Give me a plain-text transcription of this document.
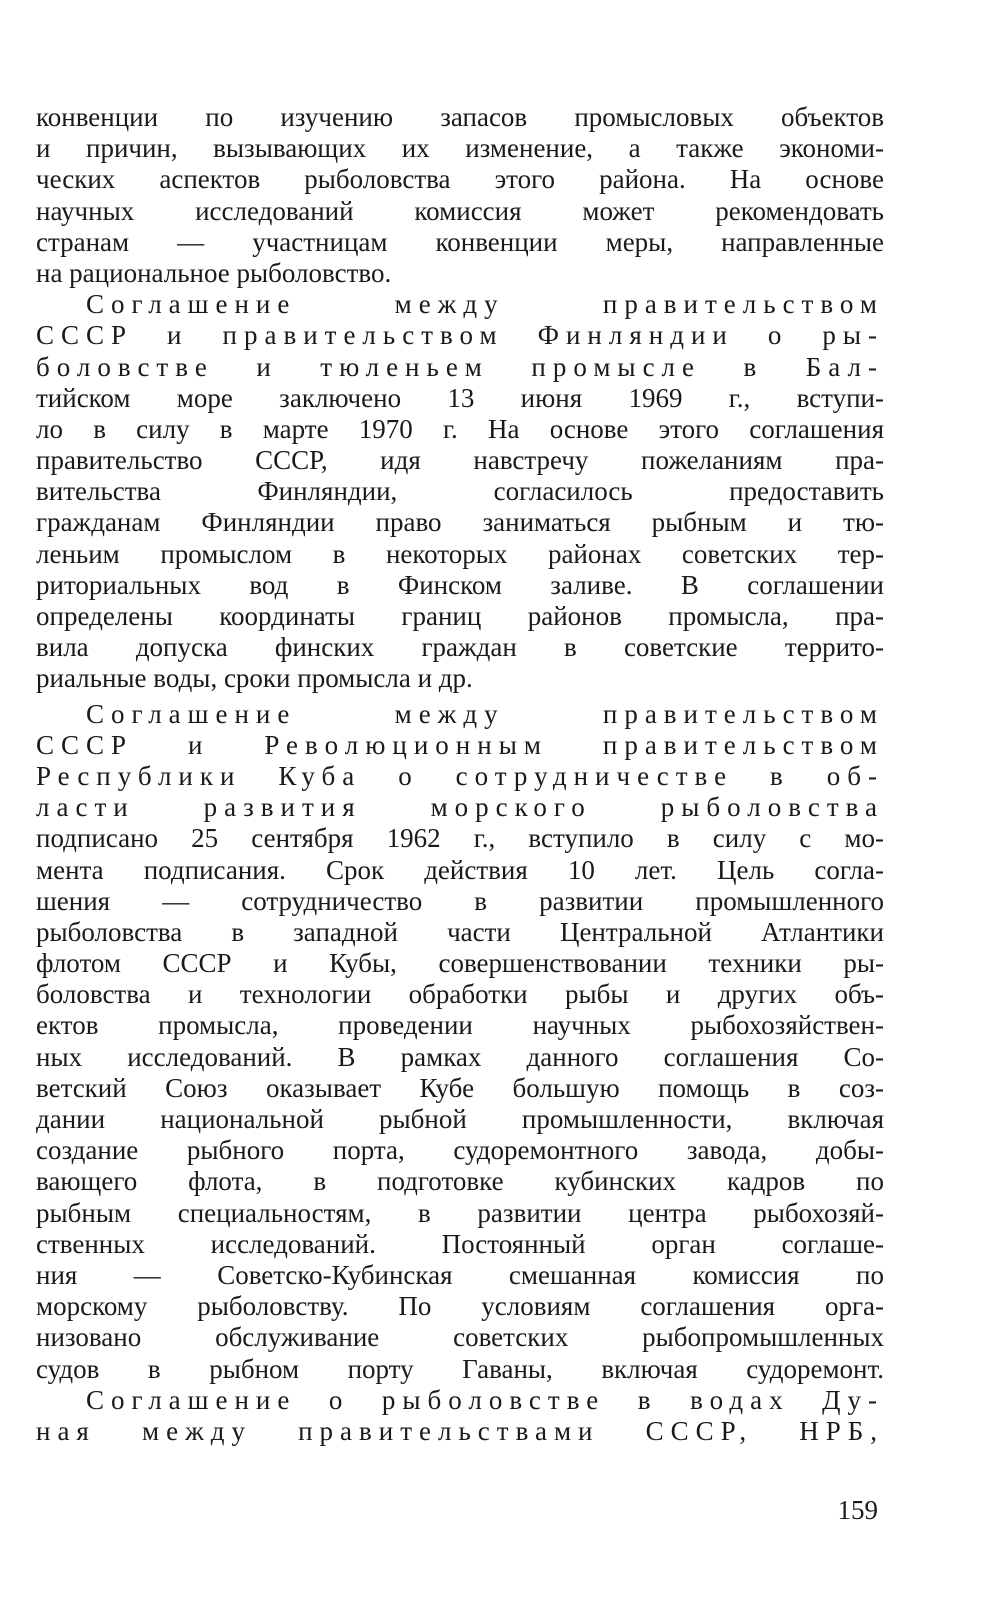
конвенции по изучению запасов промысловых объектов
и причин, вызывающих их изменение, а также экономи-
ческих аспектов рыболовства этого района. На основе
научных исследований комиссия может рекомендовать
странам — участницам конвенции меры, направленные
на рациональное рыболовство.
Соглашение между правительством
СССР и правительством Финляндии о ры-
боловстве и тюленьем промысле в Бал-
тийском море заключено 13 июня 1969 г., вступи-
ло в силу в марте 1970 г. На основе этого соглашения
правительство СССР, идя навстречу пожеланиям пра-
вительства Финляндии, согласилось предоставить
гражданам Финляндии право заниматься рыбным и тю-
леньим промыслом в некоторых районах советских тер-
риториальных вод в Финском заливе. В соглашении
определены координаты границ районов промысла, пра-
вила допуска финских граждан в советские террито-
риальные воды, сроки промысла и др.
Соглашение между правительством
СССР и Революционным правительством
Республики Куба о сотрудничестве в об-
ласти развития морского рыболовства
подписано 25 сентября 1962 г., вступило в силу с мо-
мента подписания. Срок действия 10 лет. Цель согла-
шения — сотрудничество в развитии промышленного
рыболовства в западной части Центральной Атлантики
флотом СССР и Кубы, совершенствовании техники ры-
боловства и технологии обработки рыбы и других объ-
ектов промысла, проведении научных рыбохозяйствен-
ных исследований. В рамках данного соглашения Со-
ветский Союз оказывает Кубе большую помощь в соз-
дании национальной рыбной промышленности, включая
создание рыбного порта, судоремонтного завода, добы-
вающего флота, в подготовке кубинских кадров по
рыбным специальностям, в развитии центра рыбохозяй-
ственных исследований. Постоянный орган соглаше-
ния — Советско-Кубинская смешанная комиссия по
морскому рыболовству. По условиям соглашения орга-
низовано обслуживание советских рыбопромышленных
судов в рыбном порту Гаваны, включая судоремонт.
Соглашение о рыболовстве в водах Ду-
ная между правительствами СССР, НРБ,
159
